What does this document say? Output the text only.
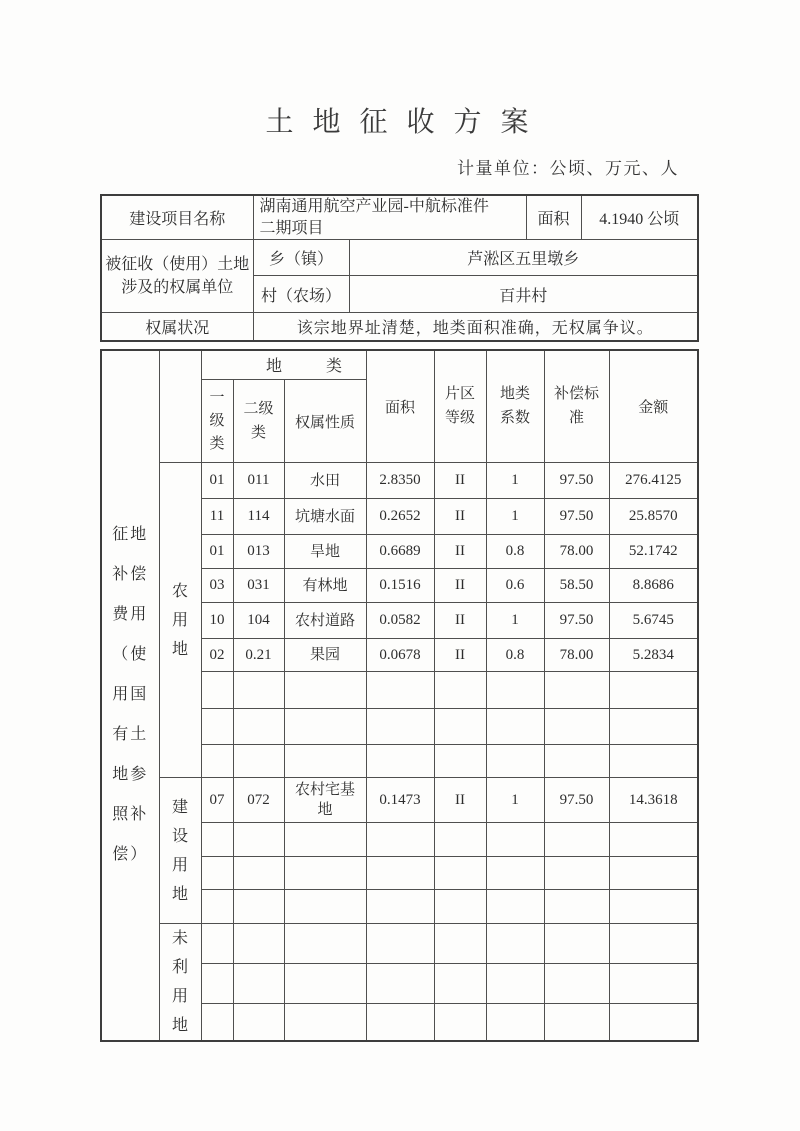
土 地 征 收 方 案
计量单位：公顷、万元、人
建设项目名称	湖南通用航空产业园-中航标准件二期项目		面积	4.1940 公顷
被征收（使用）土地涉及的权属单位	乡（镇）	芦淞区五里墩乡		
	村（农场）	百井村		
权属状况	该宗地界址清楚，地类面积准确，无权属争议。			
征地补偿费用（使用国有土地参照补偿）		地　类			面积	片区等级	地类系数	补偿标准	金额
		一级类	二级类	权属性质					
	农用地	01	011	水田	2.8350	II	1	97.50	276.4125
		11	114	坑塘水面	0.2652	II	1	97.50	25.8570
		01	013	旱地	0.6689	II	0.8	78.00	52.1742
		03	031	有林地	0.1516	II	0.6	58.50	8.8686
		10	104	农村道路	0.0582	II	1	97.50	5.6745
		02	0.21	果园	0.0678	II	0.8	78.00	5.2834

	建设用地	07	072	农村宅基地	0.1473	II	1	97.50	14.3618

	未利用地								
